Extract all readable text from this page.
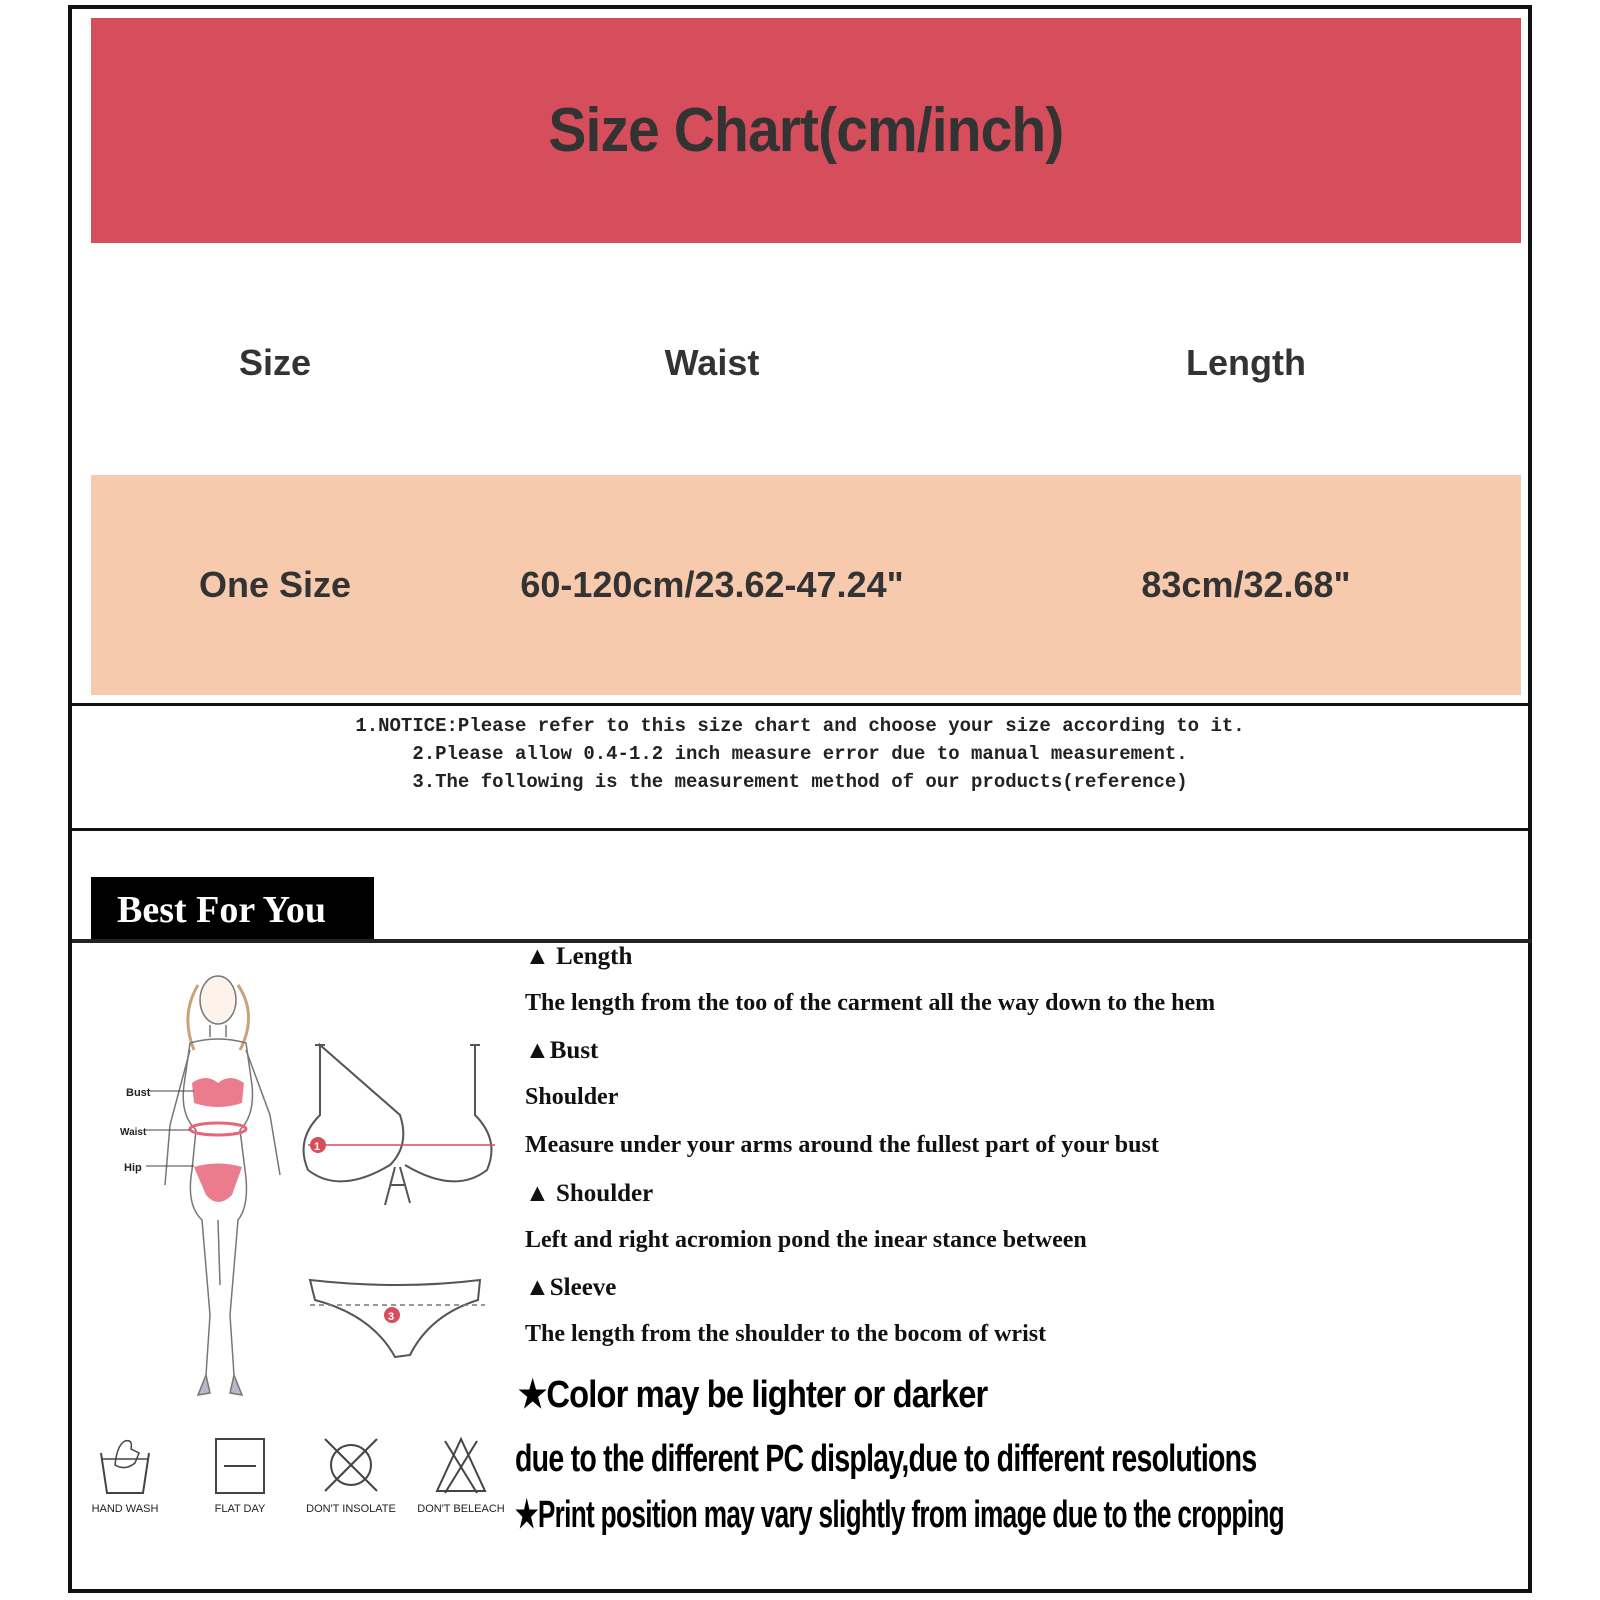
Size Chart(cm/inch)
Size	Waist	Length
One Size	60-120cm/23.62-47.24"	83cm/32.68"
1.NOTICE:Please refer to this size chart and choose your size according to it.
2.Please allow 0.4-1.2 inch measure error due to manual measurement.
3.The following is the measurement method of our products(reference)
Best For You
Bust
Waist
Hip
1
3
▲ Length
The length from the too of the carment all the way down to the hem
▲Bust
Shoulder
Measure under your arms around the fullest part of your bust
▲ Shoulder
Left and right acromion pond the inear stance between
▲Sleeve
The length from the shoulder to the bocom of wrist
★Color may be lighter or darker
due to the different PC display,due to different resolutions
★Print position may vary slightly from image due to the cropping
HAND WASH	FLAT DAY	DON'T INSOLATE	DON'T BELEACH
